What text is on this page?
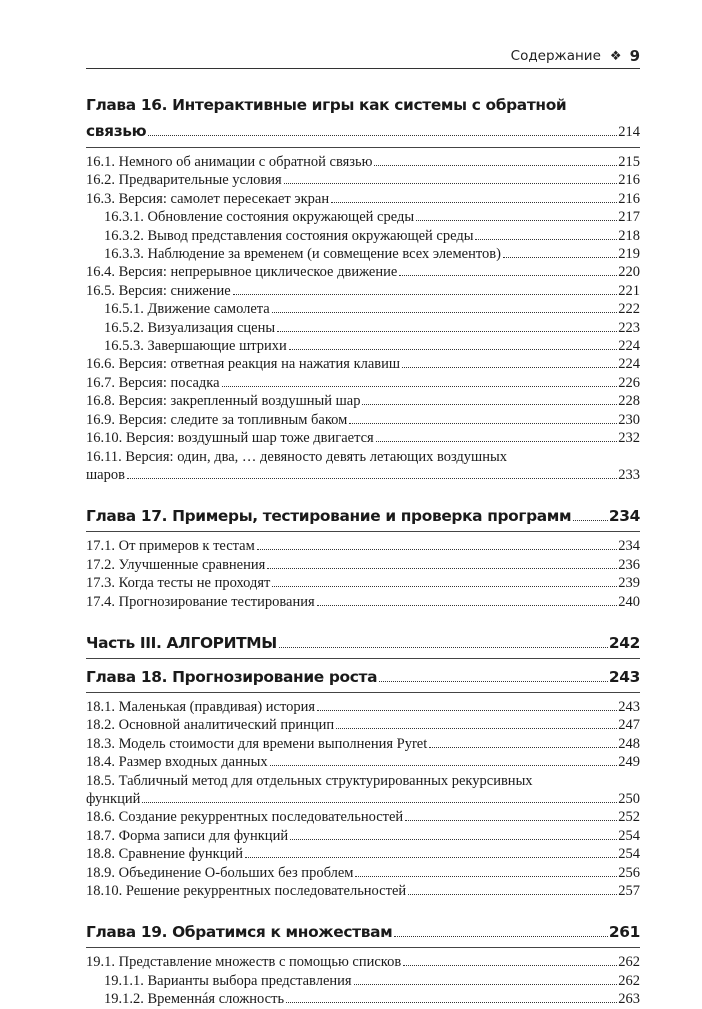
Содержание ❖ 9
Глава 16. Интерактивные игры как системы с обратной
связью	214
16.1. Немного об анимации с обратной связью	215
16.2. Предварительные условия	216
16.3. Версия: самолет пересекает экран	216
16.3.1. Обновление состояния окружающей среды	217
16.3.2. Вывод представления состояния окружающей среды	218
16.3.3. Наблюдение за временем (и совмещение всех элементов)	219
16.4. Версия: непрерывное циклическое движение	220
16.5. Версия: снижение	221
16.5.1. Движение самолета	222
16.5.2. Визуализация сцены	223
16.5.3. Завершающие штрихи	224
16.6. Версия: ответная реакция на нажатия клавиш	224
16.7. Версия: посадка	226
16.8. Версия: закрепленный воздушный шар	228
16.9. Версия: следите за топливным баком	230
16.10. Версия: воздушный шар тоже двигается	232
16.11. Версия: один, два, … девяносто девять летающих воздушных
шаров	233
Глава 17. Примеры, тестирование и проверка программ 234
17.1. От примеров к тестам	234
17.2. Улучшенные сравнения	236
17.3. Когда тесты не проходят	239
17.4. Прогнозирование тестирования	240
Часть III. АЛГОРИТМЫ	242
Глава 18. Прогнозирование роста	243
18.1. Маленькая (правдивая) история	243
18.2. Основной аналитический принцип	247
18.3. Модель стоимости для времени выполнения Pyret	248
18.4. Размер входных данных	249
18.5. Табличный метод для отдельных структурированных рекурсивных
функций	250
18.6. Создание рекуррентных последовательностей	252
18.7. Форма записи для функций	254
18.8. Сравнение функций	254
18.9. Объединение O-больших без проблем	256
18.10. Решение рекуррентных последовательностей	257
Глава 19. Обратимся к множествам	261
19.1. Представление множеств с помощью списков	262
19.1.1. Варианты выбора представления	262
19.1.2. Временнáя сложность	263
